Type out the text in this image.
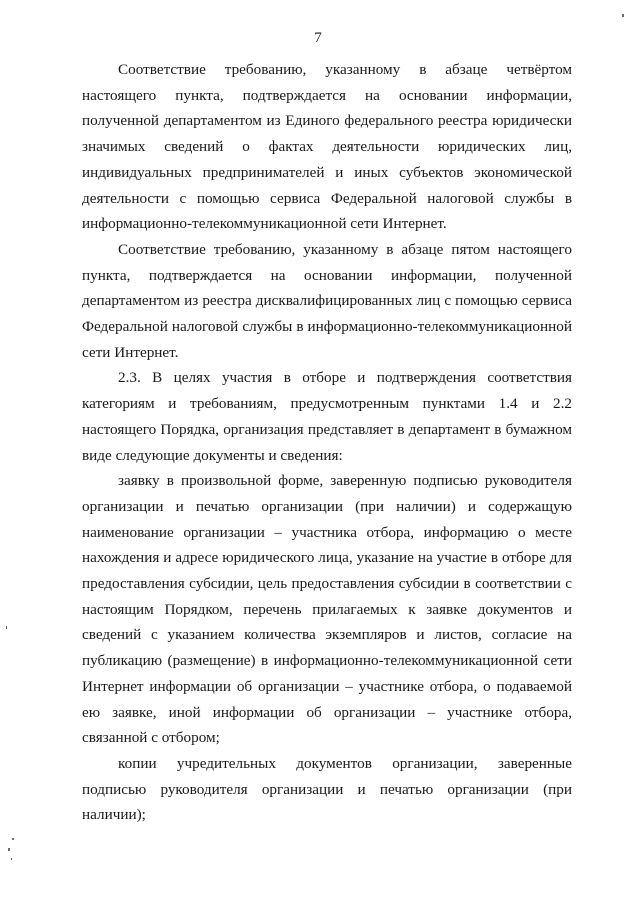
7

Соответствие требованию, указанному в абзаце четвёртом настоящего пункта, подтверждается на основании информации, полученной департаментом из Единого федерального реестра юридически значимых сведений о фактах деятельности юридических лиц, индивидуальных предпринимателей и иных субъектов экономической деятельности с помощью сервиса Федеральной налоговой службы в информационно-телекоммуникационной сети Интернет.

Соответствие требованию, указанному в абзаце пятом настоящего пункта, подтверждается на основании информации, полученной департаментом из реестра дисквалифицированных лиц с помощью сервиса Федеральной налоговой службы в информационно-телекоммуникационной сети Интернет.

2.3. В целях участия в отборе и подтверждения соответствия категориям и требованиям, предусмотренным пунктами 1.4 и 2.2 настоящего Порядка, организация представляет в департамент в бумажном виде следующие документы и сведения:

заявку в произвольной форме, заверенную подписью руководителя организации и печатью организации (при наличии) и содержащую наименование организации – участника отбора, информацию о месте нахождения и адресе юридического лица, указание на участие в отборе для предоставления субсидии, цель предоставления субсидии в соответствии с настоящим Порядком, перечень прилагаемых к заявке документов и сведений с указанием количества экземпляров и листов, согласие на публикацию (размещение) в информационно-телекоммуникационной сети Интернет информации об организации – участнике отбора, о подаваемой ею заявке, иной информации об организации – участнике отбора, связанной с отбором;

копии учредительных документов организации, заверенные подписью руководителя организации и печатью организации (при наличии);
